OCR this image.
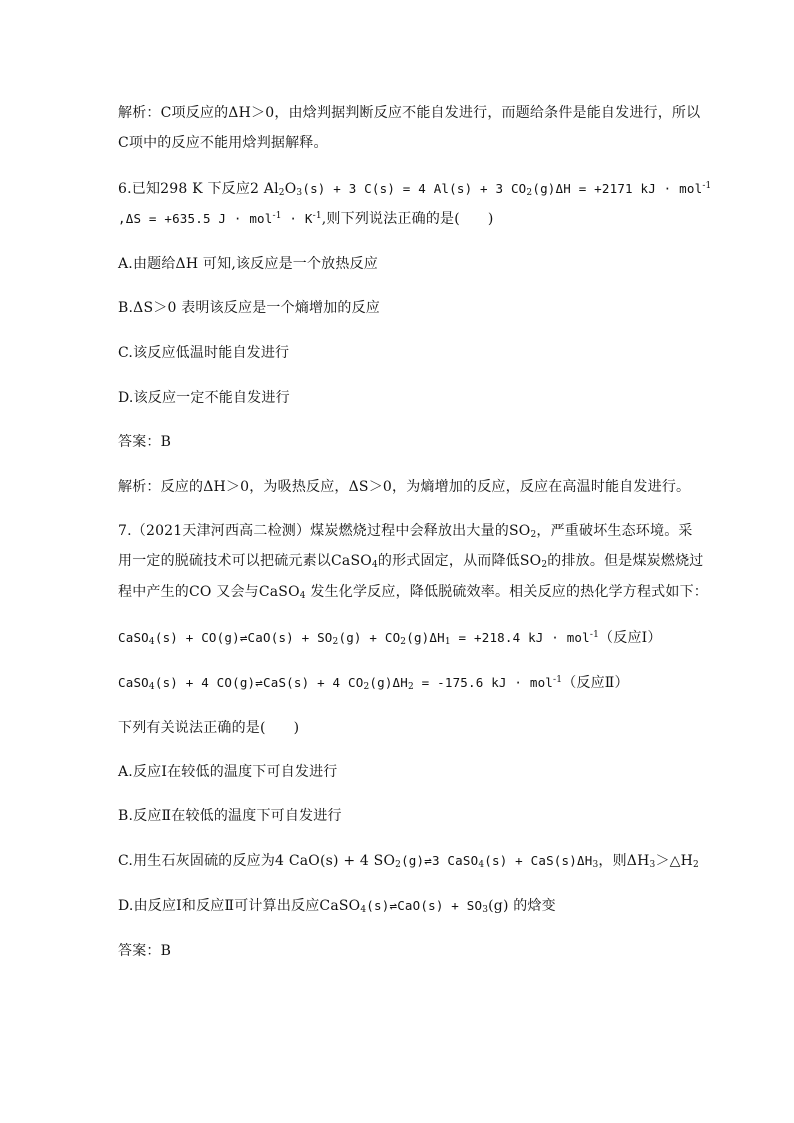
解析：C项反应的ΔH＞0，由焓判据判断反应不能自发进行，而题给条件是能自发进行，所以
C项中的反应不能用焓判据解释。
6.已知298 K 下反应2 $Al_2O_3(s) + 3$ C(s) = 4 Al(s) + 3 $CO_2(g)\Delta H = +2171$ kJ · mol$^{-1}$
,ΔS = +635.5 $J \cdot mol^{-1} \cdot K^{-1}$,则下列说法正确的是( )
A.由题给ΔH 可知,该反应是一个放热反应
B.ΔS＞0 表明该反应是一个熵增加的反应
C.该反应低温时能自发进行
D.该反应一定不能自发进行
答案：B
解析：反应的ΔH＞0，为吸热反应，ΔS＞0，为熵增加的反应，反应在高温时能自发进行。
7.（2021天津河西高二检测）煤炭燃烧过程中会释放出大量的$SO_2$，严重破坏生态环境。采
用一定的脱硫技术可以把硫元素以CaSO$_4$的形式固定，从而降低$SO_2$的排放。但是煤炭燃烧过
程中产生的CO 又会与CaSO$_4$ 发生化学反应，降低脱硫效率。相关反应的热化学方程式如下：
CaSO$_4$(s) + CO(g)⇌CaO(s) + $SO_2(g) + CO_2(g)\Delta H_1 = +218.4$ kJ · mol$^{-1}$（反应Ⅰ）
CaSO$_4$(s) + 4 CO(g)⇌CaS(s) + 4 $CO_2(g)\Delta H_2 = -175.6$ kJ · mol$^{-1}$（反应Ⅱ）
下列有关说法正确的是( )
A.反应Ⅰ在较低的温度下可自发进行
B.反应Ⅱ在较低的温度下可自发进行
C.用生石灰固硫的反应为4 CaO(s) + 4 $SO_2(g)\rightleftharpoons 3$ CaSO$_4$(s) + $CaS(s)\Delta H_3$，则$\Delta H_3>\triangle H_2$
D.由反应Ⅰ和反应Ⅱ可计算出反应CaSO$_4$(s)⇌CaO(s) + $SO_3(g)$ 的焓变
答案：B
